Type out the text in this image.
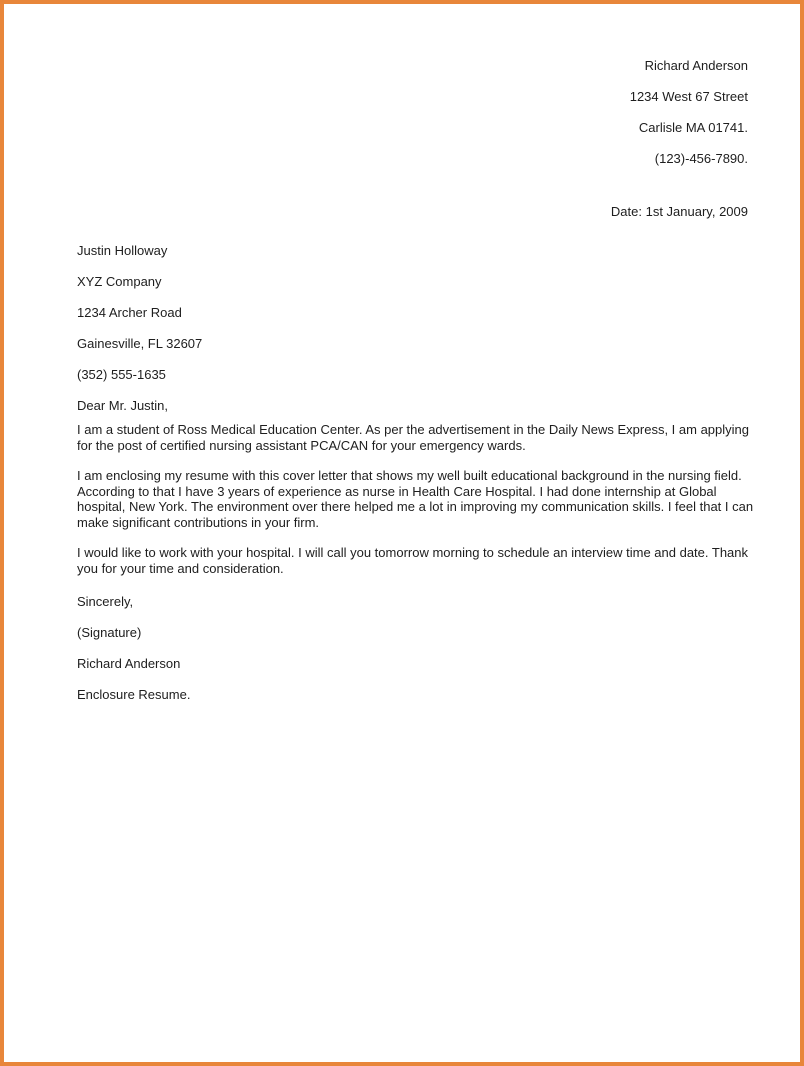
Richard Anderson
1234 West 67 Street
Carlisle MA 01741.
(123)-456-7890.
Date: 1st January, 2009
Justin Holloway
XYZ Company
1234 Archer Road
Gainesville, FL 32607
(352) 555-1635
Dear Mr. Justin,

I am a student of Ross Medical Education Center. As per the advertisement in the Daily News Express, I am applying for the post of certified nursing assistant PCA/CAN for your emergency wards.

I am enclosing my resume with this cover letter that shows my well built educational background in the nursing field. According to that I have 3 years of experience as nurse in Health Care Hospital. I had done internship at Global hospital, New York. The environment over there helped me a lot in improving my communication skills. I feel that I can make significant contributions in your firm.

I would like to work with your hospital. I will call you tomorrow morning to schedule an interview time and date. Thank you for your time and consideration.

Sincerely,
(Signature)
Richard Anderson
Enclosure Resume.
